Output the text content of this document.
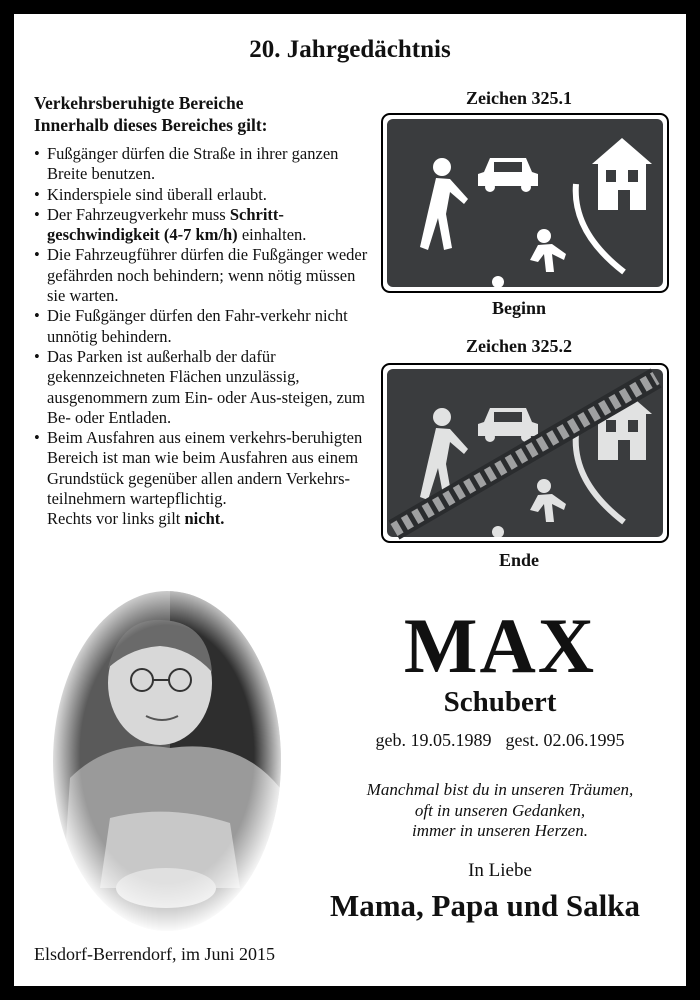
20. Jahrgedächtnis
Verkehrsberuhigte Bereiche
Innerhalb dieses Bereiches gilt:
• Fußgänger dürfen die Straße in ihrer ganzen Breite benutzen.
• Kinderspiele sind überall erlaubt.
• Der Fahrzeugverkehr muss Schritt-geschwindigkeit (4-7 km/h) einhalten.
• Die Fahrzeugführer dürfen die Fußgänger weder gefährden noch behindern; wenn nötig müssen sie warten.
• Die Fußgänger dürfen den Fahr-verkehr nicht unnötig behindern.
• Das Parken ist außerhalb der dafür gekennzeichneten Flächen unzulässig, ausgenommern zum Ein- oder Aus-steigen, zum Be- oder Entladen.
• Beim Ausfahren aus einem verkehrs-beruhigten Bereich ist man wie beim Ausfahren aus einem Grundstück gegenüber allen andern Verkehrs-teilnehmern wartepflichtig.
Rechts vor links gilt nicht.
Zeichen 325.1
Beginn
Zeichen 325.2
Ende
MAX
Schubert
geb. 19.05.1989 gest. 02.06.1995
Manchmal bist du in unseren Träumen,
oft in unseren Gedanken,
immer in unseren Herzen.
In Liebe
Mama, Papa und Salka
Elsdorf-Berrendorf, im Juni 2015
